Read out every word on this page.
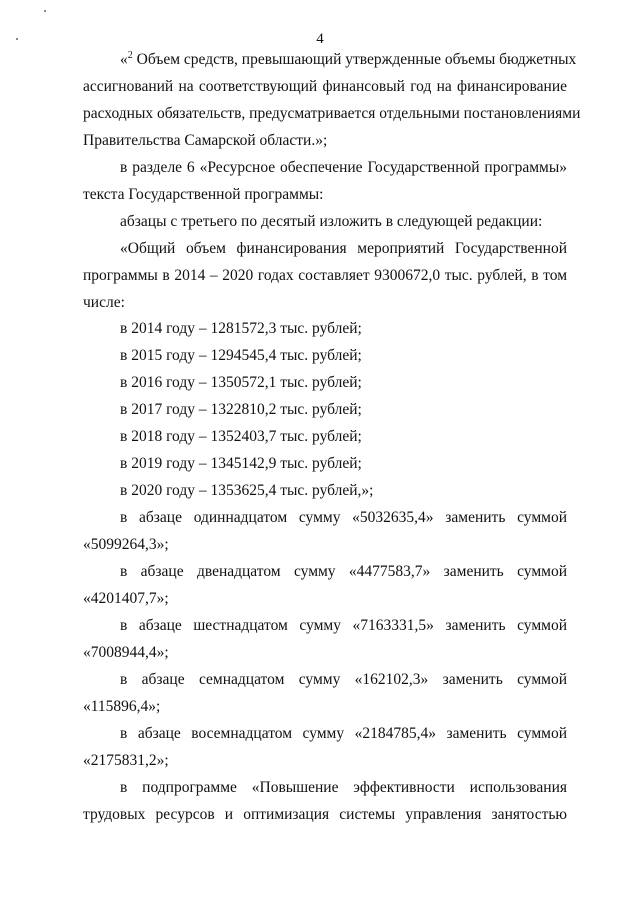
4
«$^2$ Объем средств, превышающий утвержденные объемы бюджетных
ассигнований на соответствующий финансовый год на финансирование
расходных обязательств, предусматривается отдельными постановлениями
Правительства Самарской области.»;
в разделе 6 «Ресурсное обеспечение Государственной программы»
текста Государственной программы:
абзацы с третьего по десятый изложить в следующей редакции:
«Общий объем финансирования мероприятий Государственной
программы в 2014 – 2020 годах составляет 9300672,0 тыс. рублей, в том
числе:
в 2014 году – 1281572,3 тыс. рублей;
в 2015 году – 1294545,4 тыс. рублей;
в 2016 году – 1350572,1 тыс. рублей;
в 2017 году – 1322810,2 тыс. рублей;
в 2018 году – 1352403,7 тыс. рублей;
в 2019 году – 1345142,9 тыс. рублей;
в 2020 году – 1353625,4 тыс. рублей,»;
в абзаце одиннадцатом сумму «5032635,4» заменить суммой
«5099264,3»;
в абзаце двенадцатом сумму «4477583,7» заменить суммой
«4201407,7»;
в абзаце шестнадцатом сумму «7163331,5» заменить суммой
«7008944,4»;
в абзаце семнадцатом сумму «162102,3» заменить суммой
«115896,4»;
в абзаце восемнадцатом сумму «2184785,4» заменить суммой
«2175831,2»;
в подпрограмме «Повышение эффективности использования
трудовых ресурсов и оптимизация системы управления занятостью
